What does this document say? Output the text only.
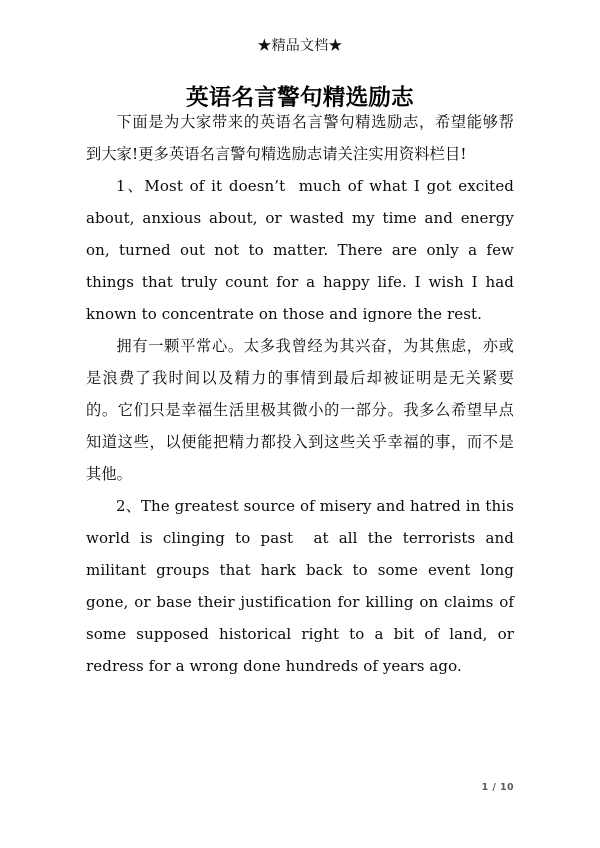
★精品文档★
英语名言警句精选励志

下面是为大家带来的英语名言警句精选励志，希望能够帮到大家!更多英语名言警句精选励志请关注实用资料栏目!

1、Most of it doesn’t  much of what I got excited about, anxious about, or wasted my time and energy on, turned out not to matter. There are only a few things that truly count for a happy life. I wish I had known to concentrate on those and ignore the rest.

拥有一颗平常心。太多我曾经为其兴奋，为其焦虑，亦或是浪费了我时间以及精力的事情到最后却被证明是无关紧要的。它们只是幸福生活里极其微小的一部分。我多么希望早点知道这些，以便能把精力都投入到这些关乎幸福的事，而不是其他。

2、The greatest source of misery and hatred in this world is clinging to past  at all the terrorists and militant groups that hark back to some event long gone, or base their justification for killing on claims of some supposed historical right to a bit of land, or redress for a wrong done hundreds of years ago.

1 / 10
